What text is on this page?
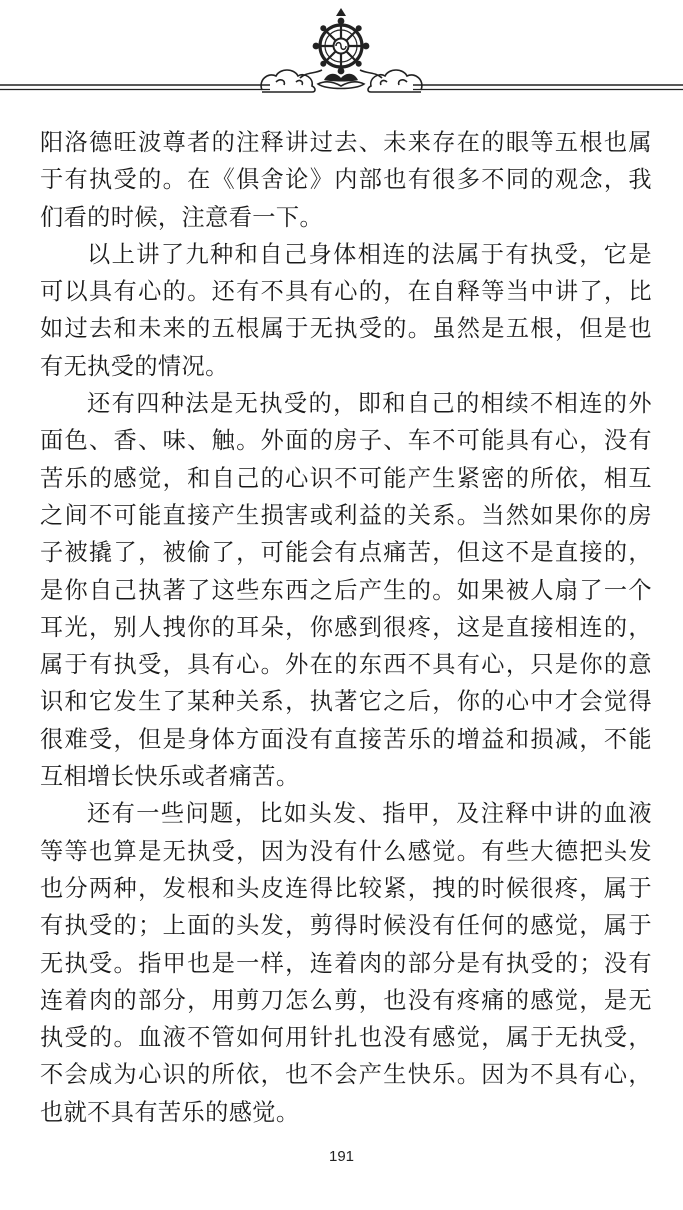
阳洛德旺波尊者的注释讲过去、未来存在的眼等五根也属于有执受的。在《俱舍论》内部也有很多不同的观念，我们看的时候，注意看一下。

以上讲了九种和自己身体相连的法属于有执受，它是可以具有心的。还有不具有心的，在自释等当中讲了，比如过去和未来的五根属于无执受的。虽然是五根，但是也有无执受的情况。

还有四种法是无执受的，即和自己的相续不相连的外面色、香、味、触。外面的房子、车不可能具有心，没有苦乐的感觉，和自己的心识不可能产生紧密的所依，相互之间不可能直接产生损害或利益的关系。当然如果你的房子被撬了，被偷了，可能会有点痛苦，但这不是直接的，是你自己执著了这些东西之后产生的。如果被人扇了一个耳光，别人拽你的耳朵，你感到很疼，这是直接相连的，属于有执受，具有心。外在的东西不具有心，只是你的意识和它发生了某种关系，执著它之后，你的心中才会觉得很难受，但是身体方面没有直接苦乐的增益和损减，不能互相增长快乐或者痛苦。

还有一些问题，比如头发、指甲，及注释中讲的血液等等也算是无执受，因为没有什么感觉。有些大德把头发也分两种，发根和头皮连得比较紧，拽的时候很疼，属于有执受的；上面的头发，剪得时候没有任何的感觉，属于无执受。指甲也是一样，连着肉的部分是有执受的；没有连着肉的部分，用剪刀怎么剪，也没有疼痛的感觉，是无执受的。血液不管如何用针扎也没有感觉，属于无执受，不会成为心识的所依，也不会产生快乐。因为不具有心，也就不具有苦乐的感觉。

191
